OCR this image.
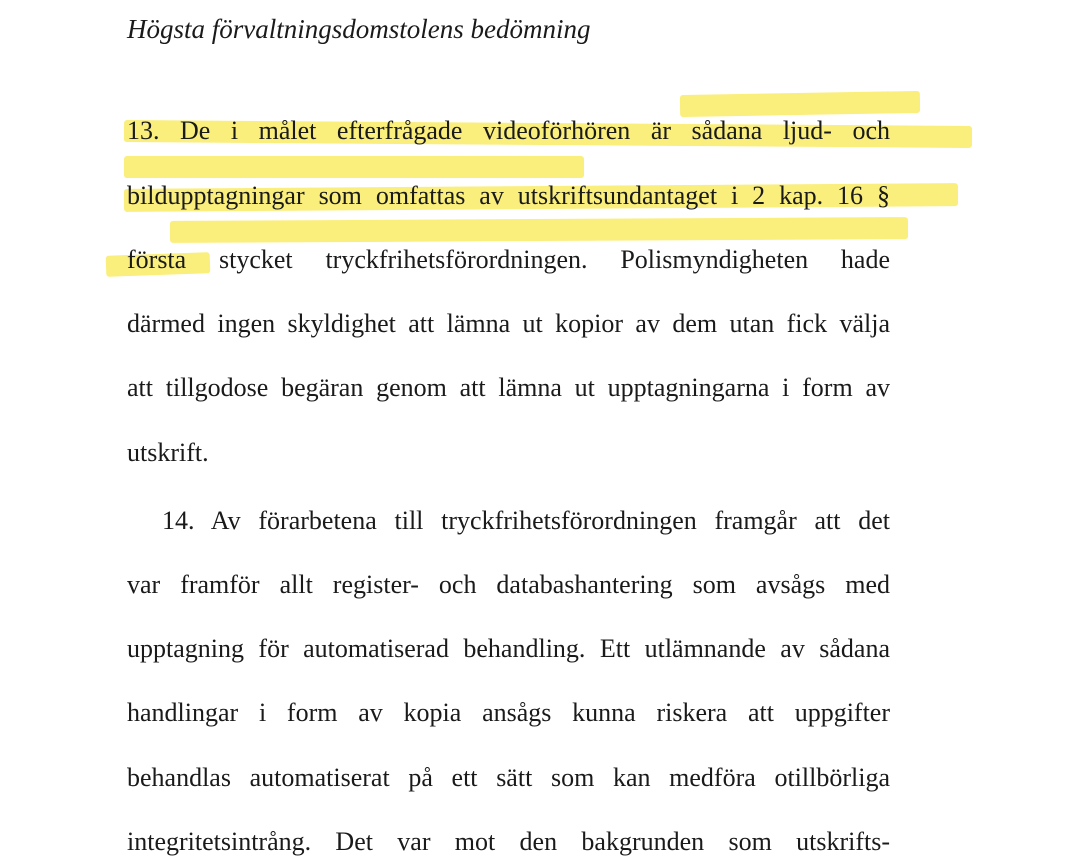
Högsta förvaltningsdomstolens bedömning
13. De i målet efterfrågade videoförhören är sådana ljud- och
bildupptagningar som omfattas av utskriftsundantaget i 2 kap. 16 §
första stycket tryckfrihetsförordningen. Polismyndigheten hade
därmed ingen skyldighet att lämna ut kopior av dem utan fick välja
att tillgodose begäran genom att lämna ut upptagningarna i form av
utskrift.
14. Av förarbetena till tryckfrihetsförordningen framgår att det
var framför allt register- och databashantering som avsågs med
upptagning för automatiserad behandling. Ett utlämnande av sådana
handlingar i form av kopia ansågs kunna riskera att uppgifter
behandlas automatiserat på ett sätt som kan medföra otillbörliga
integritetsintrång. Det var mot den bakgrunden som utskrifts-
